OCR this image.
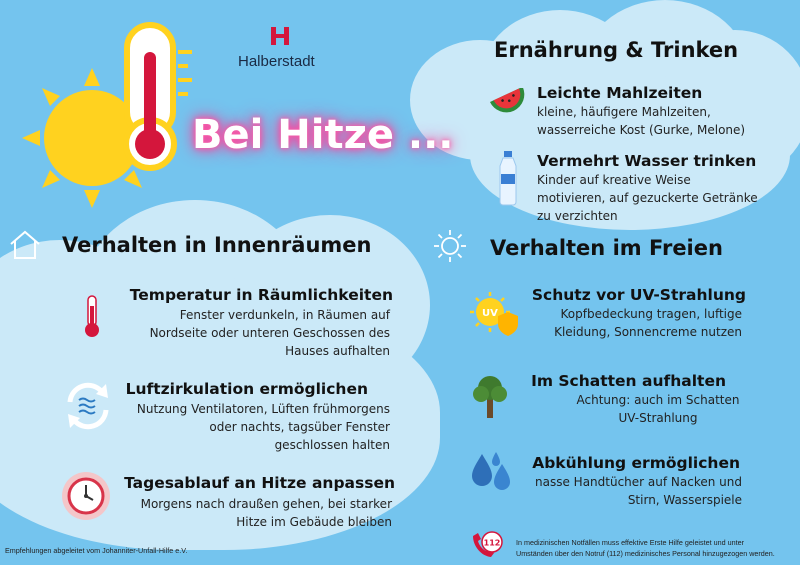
Halberstadt
Bei Hitze ...
Ernährung & Trinken
Leichte Mahlzeiten
kleine, häufigere Mahlzeiten,
wasserreiche Kost (Gurke, Melone)
Vermehrt Wasser trinken
Kinder auf kreative Weise
motivieren, auf gezuckerte Getränke
zu verzichten
Verhalten in Innenräumen
Temperatur in Räumlichkeiten
Fenster verdunkeln, in Räumen auf
Nordseite oder unteren Geschossen des
Hauses aufhalten
Luftzirkulation ermöglichen
Nutzung Ventilatoren, Lüften frühmorgens
oder nachts, tagsüber Fenster
geschlossen halten
Tagesablauf an Hitze anpassen
Morgens nach draußen gehen, bei starker
Hitze im Gebäude bleiben
Verhalten im Freien
UV
Schutz vor UV-Strahlung
Kopfbedeckung tragen, luftige
Kleidung, Sonnencreme nutzen
Im Schatten aufhalten
Achtung: auch im Schatten
UV-Strahlung
Abkühlung ermöglichen
nasse Handtücher auf Nacken und
Stirn, Wasserspiele
112 In medizinischen Notfällen muss effektive Erste Hilfe geleistet und unter
Umständen über den Notruf (112) medizinisches Personal hinzugezogen werden.
Empfehlungen abgeleitet vom Johanniter-Unfall-Hilfe e.V.
